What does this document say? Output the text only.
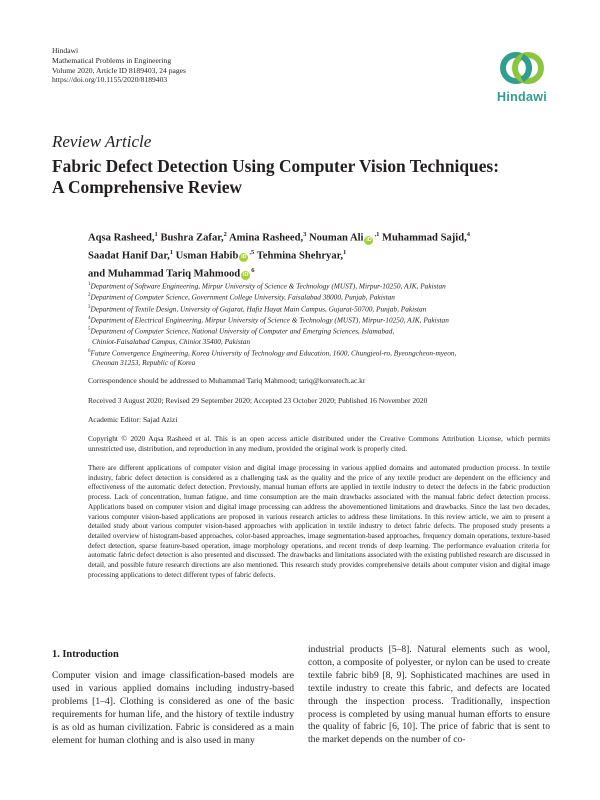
Hindawi
Mathematical Problems in Engineering
Volume 2020, Article ID 8189403, 24 pages
https://doi.org/10.1155/2020/8189403
Hindawi
Review Article
Fabric Defect Detection Using Computer Vision Techniques:
A Comprehensive Review
Aqsa Rasheed,$^1$ Bushra Zafar,$^2$ Amina Rasheed,$^3$ Nouman Ali $iD^{,1}$ Muhammad Sajid,$^4$
Saadat Hanif Dar,$^1$ Usman Habib $iD^{,5}$ Tehmina Shehryar,$^1$
and Muhammad Tariq Mahmood $iD^6$
$^1$Department of Software Engineering, Mirpur University of Science & Technology (MUST), Mirpur-10250, AJK, Pakistan
$^2$Department of Computer Science, Government College University, Faisalabad 38000, Punjab, Pakistan
$^3$Department of Textile Design, University of Gujarat, Hafiz Hayat Main Campus, Gujarat-50700, Punjab, Pakistan
$^4$Department of Electrical Engineering, Mirpur University of Science & Technology (MUST), Mirpur-10250, AJK, Pakistan
$^5$Department of Computer Science, National University of Computer and Emerging Sciences, Islamabad,
Chiniot-Faisalabad Campus, Chiniot 35400, Pakistan
$^6$Future Convergence Engineering, Korea University of Technology and Education, 1600, Chungjeol-ro, Byeongcheon-myeon,
Cheonan 31253, Republic of Korea
Correspondence should be addressed to Muhammad Tariq Mahmood; tariq@koreatech.ac.kr
Received 3 August 2020; Revised 29 September 2020; Accepted 23 October 2020; Published 16 November 2020
Academic Editor: Sajad Azizi
Copyright © 2020 Aqsa Rasheed et al. This is an open access article distributed under the Creative Commons Attribution License, which permits unrestricted use, distribution, and reproduction in any medium, provided the original work is properly cited.
There are different applications of computer vision and digital image processing in various applied domains and automated production process. In textile industry, fabric defect detection is considered as a challenging task as the quality and the price of any textile product are dependent on the efficiency and effectiveness of the automatic defect detection. Previously, manual human efforts are applied in textile industry to detect the defects in the fabric production process. Lack of concentration, human fatigue, and time consumption are the main drawbacks associated with the manual fabric defect detection process. Applications based on computer vision and digital image processing can address the abovementioned limitations and drawbacks. Since the last two decades, various computer vision-based applications are proposed in various research articles to address these limitations. In this review article, we aim to present a detailed study about various computer vision-based approaches with application in textile industry to detect fabric defects. The proposed study presents a detailed overview of histogram-based approaches, color-based approaches, image segmentation-based approaches, frequency domain operations, texture-based defect detection, sparse feature-based operation, image morphology operations, and recent trends of deep learning. The performance evaluation criteria for automatic fabric defect detection is also presented and discussed. The drawbacks and limitations associated with the existing published research are discussed in detail, and possible future research directions are also mentioned. This research study provides comprehensive details about computer vision and digital image processing applications to detect different types of fabric defects.
1. Introduction
Computer vision and image classification-based models are used in various applied domains including industry-based problems [1–4]. Clothing is considered as one of the basic requirements for human life, and the history of textile industry is as old as human civilization. Fabric is considered as a main element for human clothing and is also used in many
industrial products [5–8]. Natural elements such as wool, cotton, a composite of polyester, or nylon can be used to create textile fabric bib9 [8, 9]. Sophisticated machines are used in textile industry to create this fabric, and defects are located through the inspection process. Traditionally, inspection process is completed by using manual human efforts to ensure the quality of fabric [6, 10]. The price of fabric that is sent to the market depends on the number of co-
